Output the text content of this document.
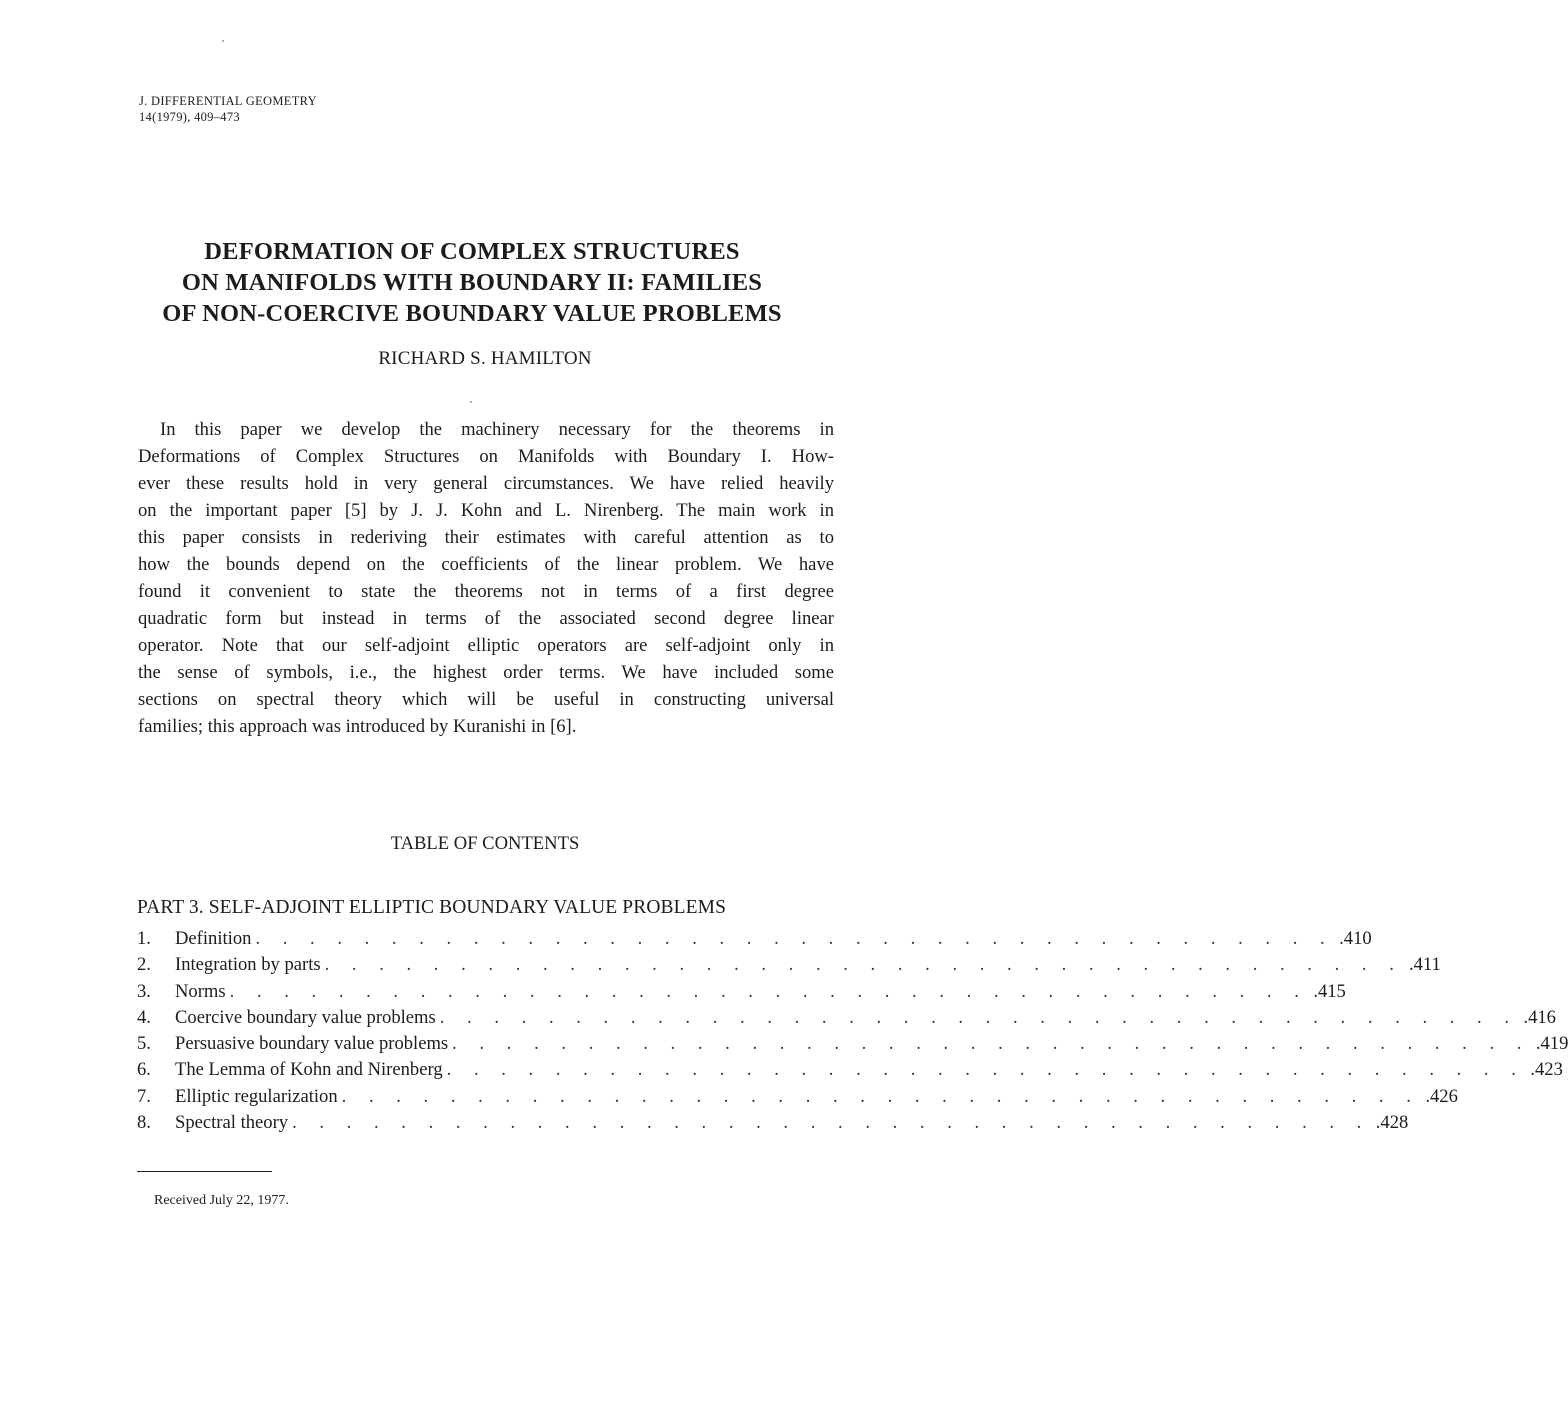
J. DIFFERENTIAL GEOMETRY
14(1979), 409–473
DEFORMATION OF COMPLEX STRUCTURES
ON MANIFOLDS WITH BOUNDARY II: FAMILIES
OF NON-COERCIVE BOUNDARY VALUE PROBLEMS
RICHARD S. HAMILTON
In this paper we develop the machinery necessary for the theorems in
Deformations of Complex Structures on Manifolds with Boundary I. How-
ever these results hold in very general circumstances. We have relied heavily
on the important paper [5] by J. J. Kohn and L. Nirenberg. The main work in
this paper consists in rederiving their estimates with careful attention as to
how the bounds depend on the coefficients of the linear problem. We have
found it convenient to state the theorems not in terms of a first degree
quadratic form but instead in terms of the associated second degree linear
operator. Note that our self-adjoint elliptic operators are self-adjoint only in
the sense of symbols, i.e., the highest order terms. We have included some
sections on spectral theory which will be useful in constructing universal
families; this approach was introduced by Kuranishi in [6].
TABLE OF CONTENTS
PART 3. SELF-ADJOINT ELLIPTIC BOUNDARY VALUE PROBLEMS
1.	Definition . . . . . . . . . . . . . . . . . . . . . . . . . . . . . . . . . . . . . . . . .410
2.	Integration by parts . . . . . . . . . . . . . . . . . . . . . . . . . . . . . . . . . . . . . . . . .411
3.	Norms . . . . . . . . . . . . . . . . . . . . . . . . . . . . . . . . . . . . . . . . .415
4.	Coercive boundary value problems . . . . . . . . . . . . . . . . . . . . . . . . . . . . . . . . . . . . . . . . .416
5.	Persuasive boundary value problems . . . . . . . . . . . . . . . . . . . . . . . . . . . . . . . . . . . . . . . . .419
6.	The Lemma of Kohn and Nirenberg . . . . . . . . . . . . . . . . . . . . . . . . . . . . . . . . . . . . . . . . .423
7.	Elliptic regularization . . . . . . . . . . . . . . . . . . . . . . . . . . . . . . . . . . . . . . . . .426
8.	Spectral theory . . . . . . . . . . . . . . . . . . . . . . . . . . . . . . . . . . . . . . . . .428
Received July 22, 1977.
